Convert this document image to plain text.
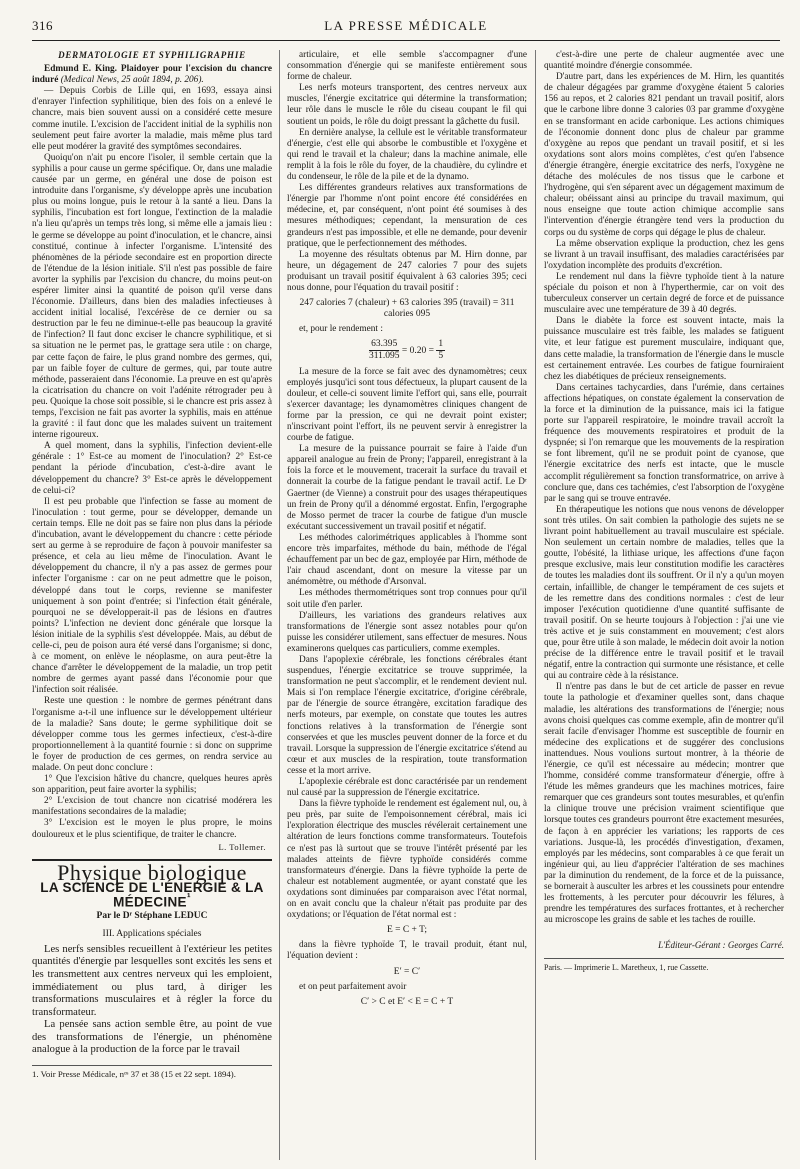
316	LA PRESSE MÉDICALE
DERMATOLOGIE ET SYPHILIGRAPHIE

Edmund E. King. Plaidoyer pour l'excision du chancre induré (Medical News, 25 août 1894, p. 206).

— Depuis Corbis de Lille qui, en 1693, essaya ainsi d'enrayer l'infection syphilitique, bien des fois on a enlevé le chancre, mais bien souvent aussi on a considéré cette mesure comme inutile. L'excision de l'accident initial de la syphilis non seulement peut faire avorter la maladie, mais même plus tard elle peut modérer la gravité des symptômes secondaires.

Quoiqu'on n'ait pu encore l'isoler, il semble certain que la syphilis a pour cause un germe spécifique. Or, dans une maladie causée par un germe, en général une dose de poison est introduite dans l'organisme, s'y développe après une incubation plus ou moins longue, puis le retour à la santé a lieu. Dans la syphilis, l'incubation est fort longue, l'extinction de la maladie n'a lieu qu'après un temps très long, si même elle a jamais lieu : le germe se développe au point d'inoculation, et le chancre, ainsi constitué, continue à infecter l'organisme. L'intensité des phénomènes de la période secondaire est en proportion directe de l'étendue de la lésion initiale. S'il n'est pas possible de faire avorter la syphilis par l'excision du chancre, du moins peut-on espérer limiter ainsi la quantité de poison qu'il verse dans l'économie. D'ailleurs, dans bien des maladies infectieuses à accident initial localisé, l'excérèse de ce dernier ou sa destruction par le feu ne diminue-t-elle pas beaucoup la gravité de l'infection? Il faut donc exciser le chancre syphilitique, et si sa situation ne le permet pas, le grattage sera utile : on charge, par cette façon de faire, le plus grand nombre des germes, qui, par un faible foyer de culture de germes, qui, par toute autre méthode, passeraient dans l'économie. La preuve en est qu'après la cicatrisation du chancre on voit l'adénite rétrograder peu à peu. Quoique la chose soit possible, si le chancre est pris assez à temps, l'excision ne fait pas avorter la syphilis, mais en atténue la gravité : il faut donc que les malades suivent un traitement interne rigoureux.

A quel moment, dans la syphilis, l'infection devient-elle générale : 1° Est-ce au moment de l'inoculation? 2° Est-ce pendant la période d'incubation, c'est-à-dire avant le développement du chancre? 3° Est-ce après le développement de celui-ci?

Il est peu probable que l'infection se fasse au moment de l'inoculation : tout germe, pour se développer, demande un certain temps. Elle ne doit pas se faire non plus dans la période d'incubation, avant le développement du chancre : cette période sert au germe à se reproduire de façon à pouvoir manifester sa présence, et cela au lieu même de l'inoculation. Avant le développement du chancre, il n'y a pas assez de germes pour infecter l'organisme : car on ne peut admettre que le poison, développé dans tout le corps, revienne se manifester uniquement à son point d'entrée; si l'infection était générale, pourquoi ne se développerait-il pas de lésions en d'autres points? L'infection ne devient donc générale que lorsque la lésion initiale de la syphilis s'est développée. Mais, au début de celle-ci, peu de poison aura été versé dans l'organisme; si donc, à ce moment, on enlève le néoplasme, on aura peut-être la chance d'arrêter le développement de la maladie, un trop petit nombre de germes ayant passé dans l'économie pour que l'infection soit réalisée.

Reste une question : le nombre de germes pénétrant dans l'organisme a-t-il une influence sur le développement ultérieur de la maladie? Sans doute; le germe syphilitique doit se développer comme tous les germes infectieux, c'est-à-dire proportionnellement à la quantité fournie : si donc on supprime le foyer de production de ces germes, on rendra service au malade. On peut donc conclure :

1° Que l'excision hâtive du chancre, quelques heures après son apparition, peut faire avorter la syphilis;

2° L'excision de tout chancre non cicatrisé modérera les manifestations secondaires de la maladie;

3° L'excision est le moyen le plus propre, le moins douloureux et le plus scientifique, de traiter le chancre.

L. Tollemer.
Physique biologique
LA SCIENCE DE L'ÉNERGIE & LA $MÉDECINE^{^1}$
Par le Dʳ Stéphane LEDUC
III. Applications spéciales

Les nerfs sensibles recueillent à l'extérieur les petites quantités d'énergie par lesquelles sont excités les sens et les transmettent aux centres nerveux qui les emploient, immédiatement ou plus tard, à diriger les transformations musculaires et à régler la force du transformateur.

La pensée sans action semble être, au point de vue des transformations de l'énergie, un phénomène analogue à la production de la force par le travail

1. Voir Presse Médicale, nᵒˢ 37 et 38 (15 et 22 sept. 1894).

articulaire, et elle semble s'accompagner d'une consommation d'énergie qui se manifeste entièrement sous forme de chaleur.

Les nerfs moteurs transportent, des centres nerveux aux muscles, l'énergie excitatrice qui détermine la transformation; leur rôle dans le muscle le rôle du ciseau coupant le fil qui soutient un poids, le rôle du doigt pressant la gâchette du fusil.

En dernière analyse, la cellule est le véritable transformateur d'énergie, c'est elle qui absorbe le combustible et l'oxygène et qui rend le travail et la chaleur; dans la machine animale, elle remplit à la fois le rôle du foyer, de la chaudière, du cylindre et du condenseur, le rôle de la pile et de la dynamo.

Les différentes grandeurs relatives aux transformations de l'énergie par l'homme n'ont point encore été considérées en médecine, et, par conséquent, n'ont point été soumises à des mesures méthodiques; cependant, la mensuration de ces grandeurs n'est pas impossible, et elle ne demande, pour devenir pratique, que le perfectionnement des méthodes.

La moyenne des résultats obtenus par M. Hirn donne, par heure, un dégagement de 247 calories 7 pour des sujets produisant un travail positif équivalent à 63 calories 395; ceci nous donne, pour l'équation du travail positif :

247 calories 7 (chaleur) + 63 calories 395 (travail) = 311 calories 095

et, pour le rendement :

$\frac{63.395}{311.095} = 0.20 = \frac{1}{5}$

La mesure de la force se fait avec des dynamomètres; ceux employés jusqu'ici sont tous défectueux, la plupart causent de la douleur, et celle-ci souvent limite l'effort qui, sans elle, pourrait s'exercer davantage; les dynamomètres cliniques changent de forme par la pression, ce qui ne devrait point exister; n'inscrivant point l'effort, ils ne peuvent servir à enregistrer la courbe de fatigue.

La mesure de la puissance pourrait se faire à l'aide d'un appareil analogue au frein de Prony; l'appareil, enregistrant à la fois la force et le mouvement, tracerait la surface du travail et donnerait la courbe de la fatigue pendant le travail actif. Le Dʳ Gaertner (de Vienne) a construit pour des usages thérapeutiques un frein de Prony qu'il a dénommé ergostat. Enfin, l'ergographe de Mosso permet de tracer la courbe de fatigue d'un muscle exécutant successivement un travail positif et négatif.

Les méthodes calorimétriques applicables à l'homme sont encore très imparfaites, méthode du bain, méthode de l'égal échauffement par un bec de gaz, employée par Hirn, méthode de l'air chaud ascendant, dont on mesure la vitesse par un anémomètre, ou méthode d'Arsonval.

Les méthodes thermométriques sont trop connues pour qu'il soit utile d'en parler.

D'ailleurs, les variations des grandeurs relatives aux transformations de l'énergie sont assez notables pour qu'on puisse les considérer utilement, sans effectuer de mesures. Nous examinerons quelques cas particuliers, comme exemples.

Dans l'apoplexie cérébrale, les fonctions cérébrales étant suspendues, l'énergie excitatrice se trouve supprimée, la transformation ne peut s'accomplir, et le rendement devient nul. Mais si l'on remplace l'énergie excitatrice, d'origine cérébrale, par de l'énergie de source étrangère, excitation faradique des nerfs moteurs, par exemple, on constate que toutes les autres fonctions relatives à la transformation de l'énergie sont conservées et que les muscles peuvent donner de la force et du travail. Lorsque la suppression de l'énergie excitatrice s'étend au cœur et aux muscles de la respiration, toute transformation cesse et la mort arrive.

L'apoplexie cérébrale est donc caractérisée par un rendement nul causé par la suppression de l'énergie excitatrice.

Dans la fièvre typhoïde le rendement est également nul, ou, à peu près, par suite de l'empoisonnement cérébral, mais ici l'exploration électrique des muscles révélerait certainement une altération de leurs fonctions comme transformateurs. Toutefois ce n'est pas là surtout que se trouve l'intérêt présenté par les malades atteints de fièvre typhoïde considérés comme transformateurs d'énergie. Dans la fièvre typhoïde la perte de chaleur est notablement augmentée, or ayant constaté que les oxydations sont diminuées par comparaison avec l'état normal, on en avait conclu que la chaleur n'était pas produite par des oxydations; or l'équation de l'état normal est :

E = C + T;

dans la fièvre typhoïde T, le travail produit, étant nul, l'équation devient :

E′ = C′

et on peut parfaitement avoir

C′ > C et E′ < E = C + T

c'est-à-dire une perte de chaleur augmentée avec une quantité moindre d'énergie consommée.

D'autre part, dans les expériences de M. Hirn, les quantités de chaleur dégagées par gramme d'oxygène étaient 5 calories 156 au repos, et 2 calories 821 pendant un travail positif, alors que le carbone libre donne 3 calories 03 par gramme d'oxygène en se transformant en acide carbonique. Les actions chimiques de l'économie donnent donc plus de chaleur par gramme d'oxygène au repos que pendant un travail positif, et si les oxydations sont alors moins complètes, c'est qu'en l'absence d'énergie étrangère, énergie excitatrice des nerfs, l'oxygène ne détache des molécules de nos tissus que le carbone et l'hydrogène, qui s'en séparent avec un dégagement maximum de chaleur; obéissant ainsi au principe du travail maximum, qui nous enseigne que toute action chimique accomplie sans l'intervention d'énergie étrangère tend vers la production du corps ou du système de corps qui dégage le plus de chaleur.

La même observation explique la production, chez les gens se livrant à un travail insuffisant, des maladies caractérisées par l'oxydation incomplète des produits d'excrétion.

Le rendement nul dans la fièvre typhoïde tient à la nature spéciale du poison et non à l'hyperthermie, car on voit des tuberculeux conserver un certain degré de force et de puissance musculaire avec une température de 39 à 40 degrés.

Dans le diabète la force est souvent intacte, mais la puissance musculaire est très faible, les malades se fatiguent vite, et leur fatigue est purement musculaire, indiquant que, dans cette maladie, la transformation de l'énergie dans le muscle est certainement entravée. Les courbes de fatigue fourniraient chez les diabétiques de précieux renseignements.

Dans certaines tachycardies, dans l'urémie, dans certaines affections hépatiques, on constate également la conservation de la force et la diminution de la puissance, mais ici la fatigue porte sur l'appareil respiratoire, le moindre travail accroît la fréquence des mouvements respiratoires et produit de la dyspnée; si l'on remarque que les mouvements de la respiration se font librement, qu'il ne se produit point de cyanose, que l'énergie excitatrice des nerfs est intacte, que le muscle accomplit régulièrement sa fonction transformatrice, on arrive à conclure que, dans ces tachémies, c'est l'absorption de l'oxygène par le sang qui se trouve entravée.

En thérapeutique les notions que nous venons de développer sont très utiles. On sait combien la pathologie des sujets ne se livrant point habituellement au travail musculaire est spéciale. Non seulement un certain nombre de maladies, telles que la goutte, l'obésité, la lithiase urique, les affections d'une façon presque exclusive, mais leur constitution modifie les caractères de toutes les maladies dont ils souffrent. Or il n'y a qu'un moyen certain, infaillible, de changer le tempérament de ces sujets et de les remettre dans des conditions normales : c'est de leur imposer l'exécution quotidienne d'une quantité suffisante de travail positif. On se heurte toujours à l'objection : j'ai une vie très active et je suis constamment en mouvement; c'est alors que, pour être utile à son malade, le médecin doit avoir la notion précise de la différence entre le travail positif et le travail négatif, entre la contraction qui surmonte une résistance, et celle qui au contraire cède à la résistance.

Il n'entre pas dans le but de cet article de passer en revue toute la pathologie et d'examiner quelles sont, dans chaque maladie, les altérations des transformations de l'énergie; nous avons choisi quelques cas comme exemple, afin de montrer qu'il serait facile d'envisager l'homme est susceptible de fournir en médecine des explications et de suggérer des conclusions inattendues. Nous voulions surtout montrer, à la théorie de l'énergie, ce qu'il est nécessaire au médecin; montrer que l'homme, considéré comme transformateur d'énergie, offre à l'étude les mêmes grandeurs que les machines motrices, faire remarquer que ces grandeurs sont toutes mesurables, et qu'enfin la clinique trouve une précision vraiment scientifique que lorsque toutes ces grandeurs pourront être exactement mesurées, de façon à en apprécier les variations; les rapports de ces variations. Jusque-là, les procédés d'investigation, d'examen, employés par les médecins, sont comparables à ce que ferait un ingénieur qui, au lieu d'apprécier l'altération de ses machines par la diminution du rendement, de la force et de la puissance, se bornerait à ausculter les arbres et les coussinets pour entendre les frottements, à les percuter pour découvrir les félures, à prendre les températures des surfaces frottantes, et à rechercher au microscope les grains de sable et les taches de rouille.

L'Éditeur-Gérant : Georges Carré.
Paris. — Imprimerie L. Maretheux, 1, rue Cassette.
